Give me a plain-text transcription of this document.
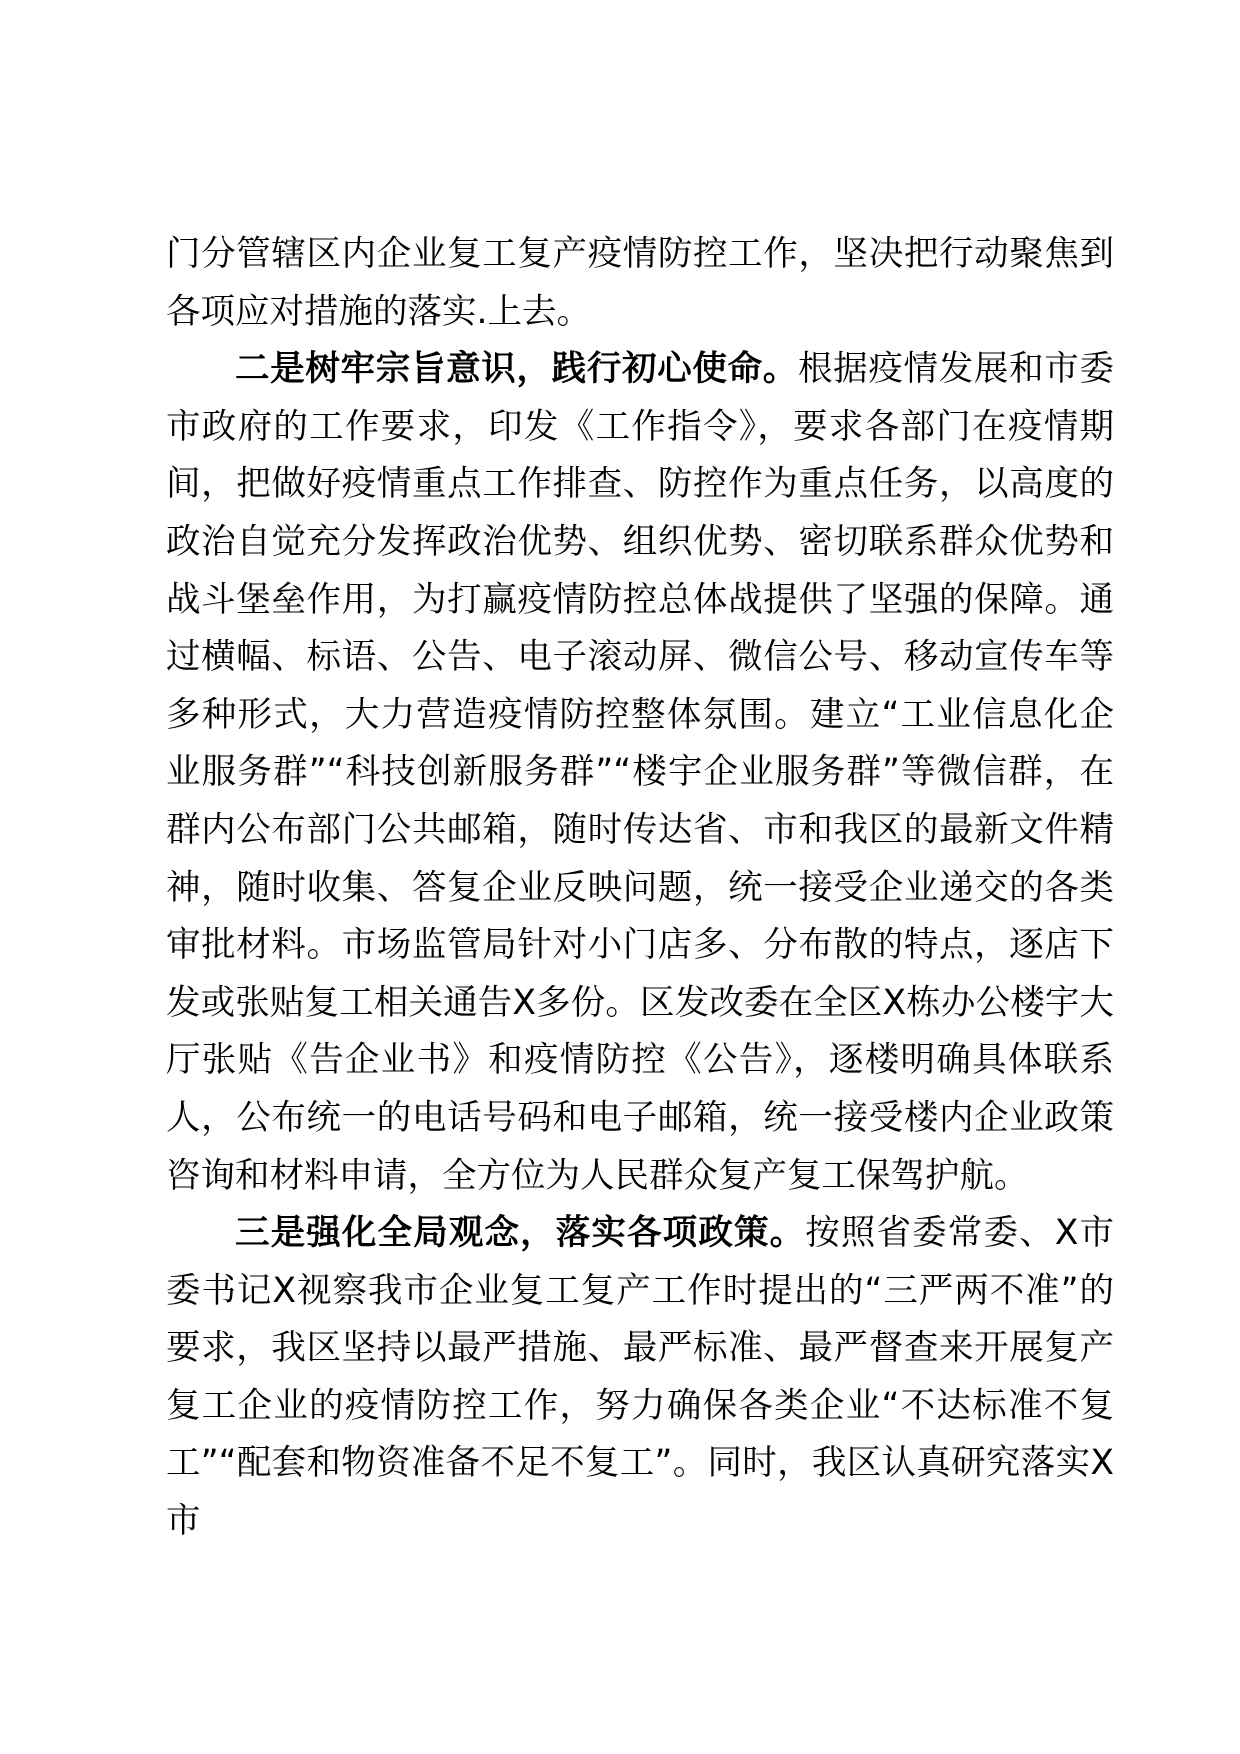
门分管辖区内企业复工复产疫情防控工作，坚决把行动聚焦到各项应对措施的落实.上去。

二是树牢宗旨意识，践行初心使命。根据疫情发展和市委市政府的工作要求，印发《工作指令》，要求各部门在疫情期间，把做好疫情重点工作排查、防控作为重点任务，以高度的政治自觉充分发挥政治优势、组织优势、密切联系群众优势和战斗堡垒作用，为打赢疫情防控总体战提供了坚强的保障。通过横幅、标语、公告、电子滚动屏、微信公号、移动宣传车等多种形式，大力营造疫情防控整体氛围。建立“工业信息化企业服务群”“科技创新服务群”“楼宇企业服务群”等微信群，在群内公布部门公共邮箱，随时传达省、市和我区的最新文件精神，随时收集、答复企业反映问题，统一接受企业递交的各类审批材料。市场监管局针对小门店多、分布散的特点，逐店下发或张贴复工相关通告X多份。区发改委在全区X栋办公楼宇大厅张贴《告企业书》和疫情防控《公告》，逐楼明确具体联系人，公布统一的电话号码和电子邮箱，统一接受楼内企业政策咨询和材料申请，全方位为人民群众复产复工保驾护航。

三是强化全局观念，落实各项政策。按照省委常委、X市委书记X视察我市企业复工复产工作时提出的“三严两不准”的要求，我区坚持以最严措施、最严标准、最严督查来开展复产复工企业的疫情防控工作，努力确保各类企业“不达标准不复工”“配套和物资准备不足不复工”。同时，我区认真研究落实X市
